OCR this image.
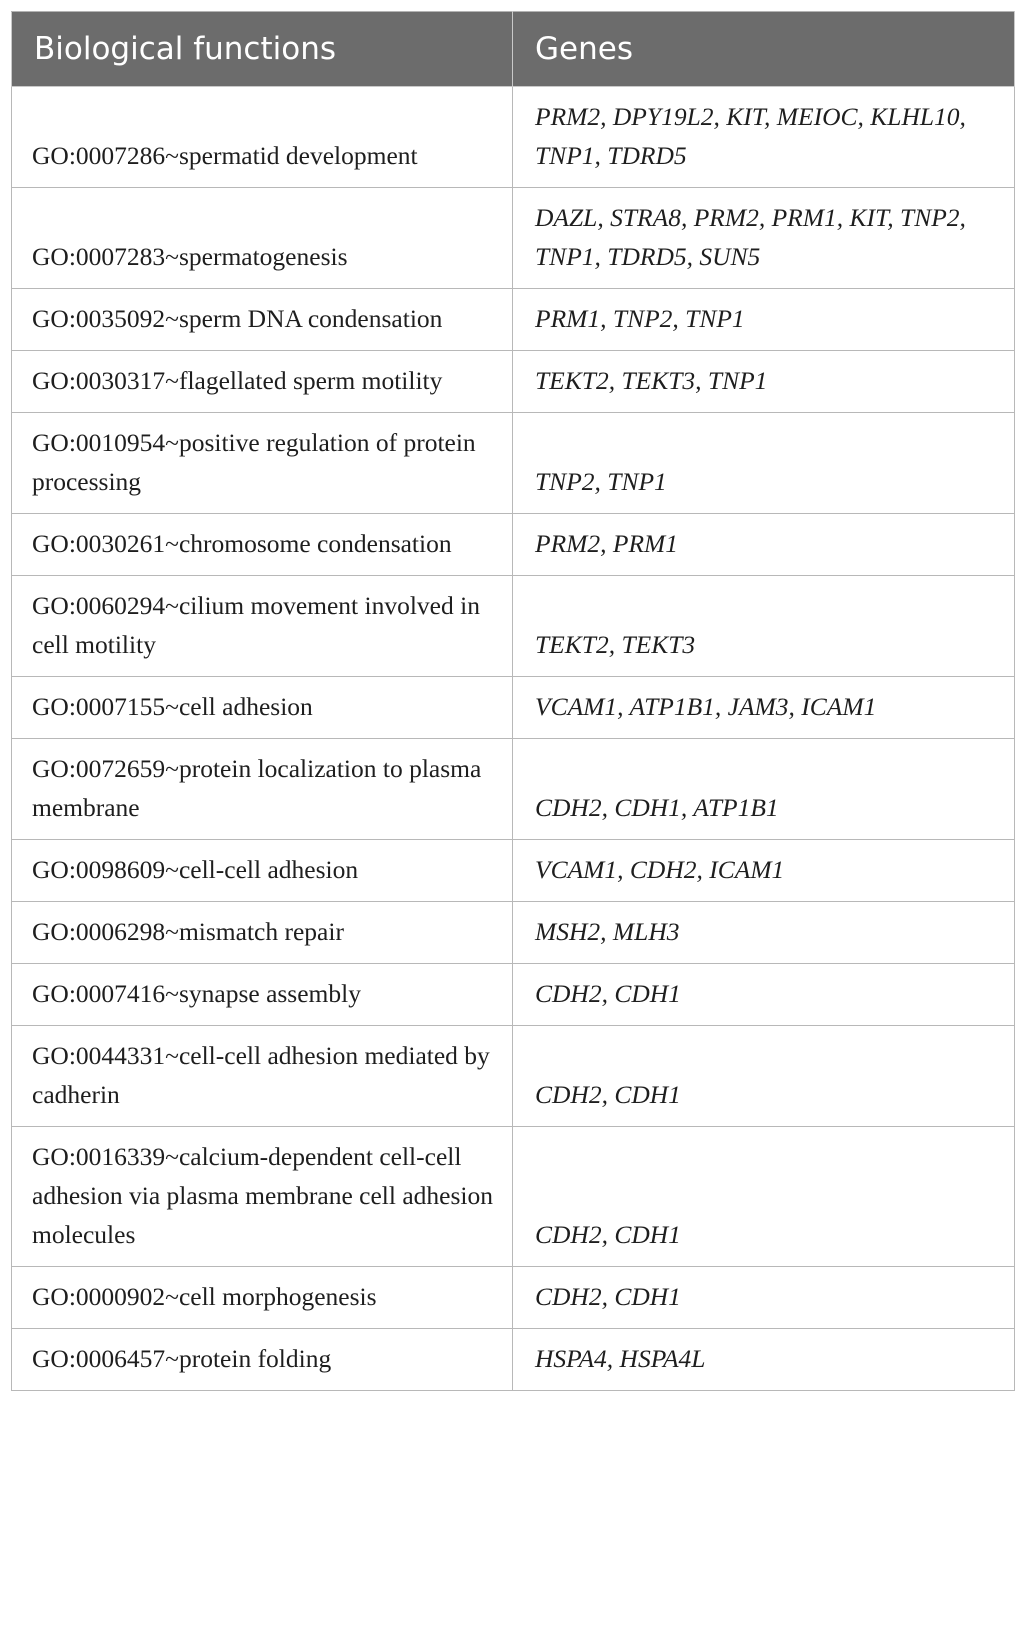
Biological functions	Genes
GO:0007286~spermatid development	PRM2, DPY19L2, KIT, MEIOC, KLHL10, TNP1, TDRD5
GO:0007283~spermatogenesis	DAZL, STRA8, PRM2, PRM1, KIT, TNP2, TNP1, TDRD5, SUN5
GO:0035092~sperm DNA condensation	PRM1, TNP2, TNP1
GO:0030317~flagellated sperm motility	TEKT2, TEKT3, TNP1
GO:0010954~positive regulation of protein processing	TNP2, TNP1
GO:0030261~chromosome condensation	PRM2, PRM1
GO:0060294~cilium movement involved in cell motility	TEKT2, TEKT3
GO:0007155~cell adhesion	VCAM1, ATP1B1, JAM3, ICAM1
GO:0072659~protein localization to plasma membrane	CDH2, CDH1, ATP1B1
GO:0098609~cell-cell adhesion	VCAM1, CDH2, ICAM1
GO:0006298~mismatch repair	MSH2, MLH3
GO:0007416~synapse assembly	CDH2, CDH1
GO:0044331~cell-cell adhesion mediated by cadherin	CDH2, CDH1
GO:0016339~calcium-dependent cell-cell adhesion via plasma membrane cell adhesion molecules	CDH2, CDH1
GO:0000902~cell morphogenesis	CDH2, CDH1
GO:0006457~protein folding	HSPA4, HSPA4L
